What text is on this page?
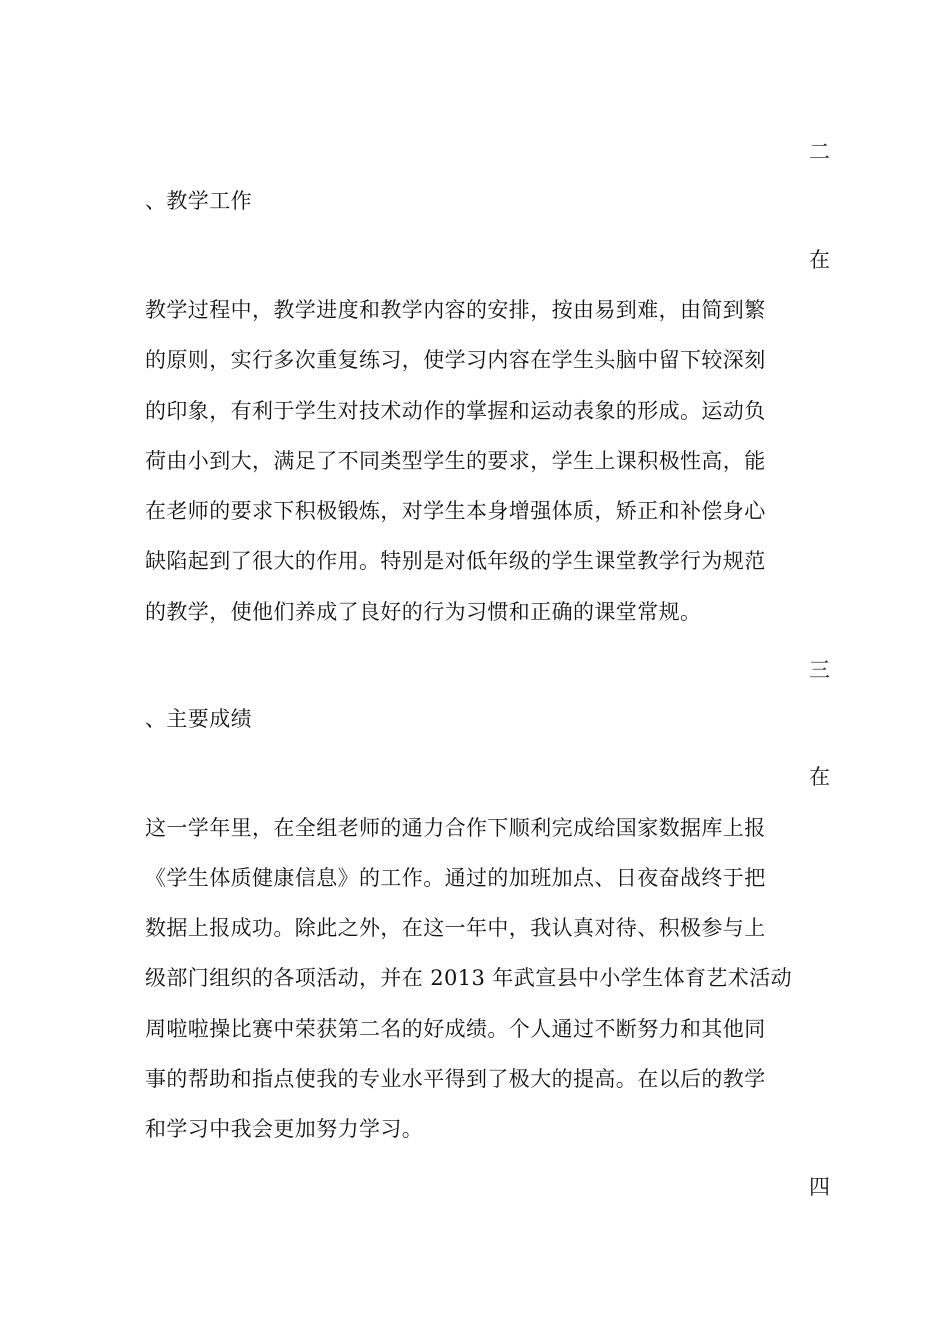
二
、教学工作
在
教学过程中，教学进度和教学内容的安排，按由易到难，由简到繁
的原则，实行多次重复练习，使学习内容在学生头脑中留下较深刻
的印象，有利于学生对技术动作的掌握和运动表象的形成。运动负
荷由小到大，满足了不同类型学生的要求，学生上课积极性高，能
在老师的要求下积极锻炼，对学生本身增强体质，矫正和补偿身心
缺陷起到了很大的作用。特别是对低年级的学生课堂教学行为规范
的教学，使他们养成了良好的行为习惯和正确的课堂常规。
三
、主要成绩
在
这一学年里，在全组老师的通力合作下顺利完成给国家数据库上报
《学生体质健康信息》的工作。通过的加班加点、日夜奋战终于把
数据上报成功。除此之外，在这一年中，我认真对待、积极参与上
级部门组织的各项活动，并在 2013 年武宣县中小学生体育艺术活动
周啦啦操比赛中荣获第二名的好成绩。个人通过不断努力和其他同
事的帮助和指点使我的专业水平得到了极大的提高。在以后的教学
和学习中我会更加努力学习。
四
